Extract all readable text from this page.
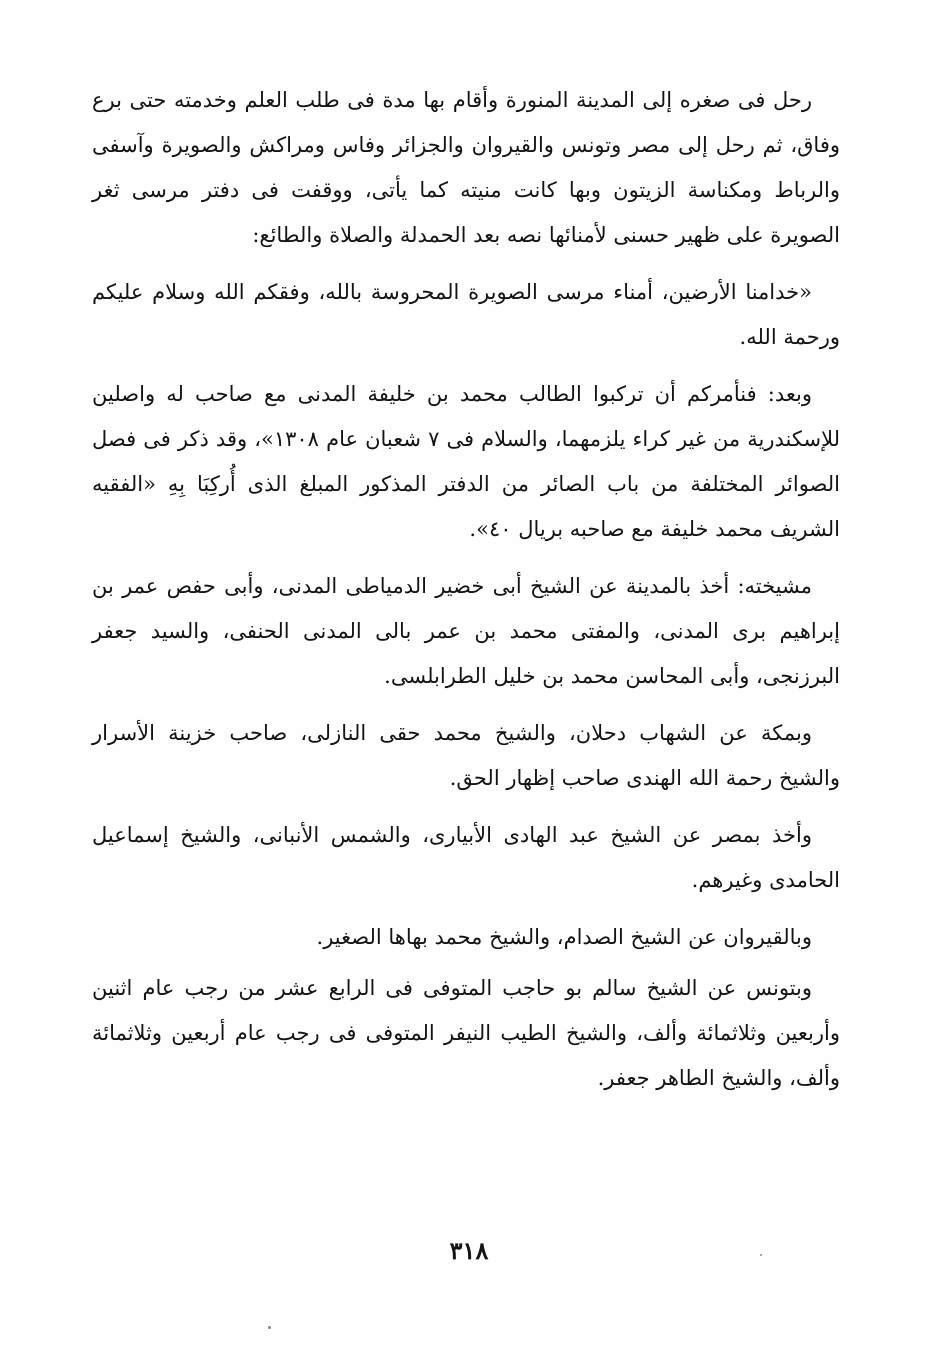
رحل فى صغره إلى المدينة المنورة وأقام بها مدة فى طلب العلم وخدمته حتى برع وفاق، ثم رحل إلى مصر وتونس والقيروان والجزائر وفاس ومراكش والصويرة وآسفى والرباط ومكناسة الزيتون وبها كانت منيته كما يأتى، ووقفت فى دفتر مرسى ثغر الصويرة على ظهير حسنى لأمنائها نصه بعد الحمدلة والصلاة والطائع:

«خدامنا الأرضين، أمناء مرسى الصويرة المحروسة بالله، وفقكم الله وسلام عليكم ورحمة الله.

وبعد: فنأمركم أن تركبوا الطالب محمد بن خليفة المدنى مع صاحب له واصلين للإسكندرية من غير كراء يلزمهما، والسلام فى ٧ شعبان عام ١٣٠٨»، وقد ذكر فى فصل الصوائر المختلفة من باب الصائر من الدفتر المذكور المبلغ الذى أُركِبَا بِهِ «الفقيه الشريف محمد خليفة مع صاحبه بريال ٤٠».

مشيخته: أخذ بالمدينة عن الشيخ أبى خضير الدمياطى المدنى، وأبى حفص عمر بن إبراهيم برى المدنى، والمفتى محمد بن عمر بالى المدنى الحنفى، والسيد جعفر البرزنجى، وأبى المحاسن محمد بن خليل الطرابلسى.

وبمكة عن الشهاب دحلان، والشيخ محمد حقى النازلى، صاحب خزينة الأسرار والشيخ رحمة الله الهندى صاحب إظهار الحق.

وأخذ بمصر عن الشيخ عبد الهادى الأبيارى، والشمس الأنبانى، والشيخ إسماعيل الحامدى وغيرهم.

وبالقيروان عن الشيخ الصدام، والشيخ محمد بهاها الصغير.

وبتونس عن الشيخ سالم بو حاجب المتوفى فى الرابع عشر من رجب عام اثنين وأربعين وثلاثمائة وألف، والشيخ الطيب النيفر المتوفى فى رجب عام أربعين وثلاثمائة وألف، والشيخ الطاهر جعفر.

٣١٨
